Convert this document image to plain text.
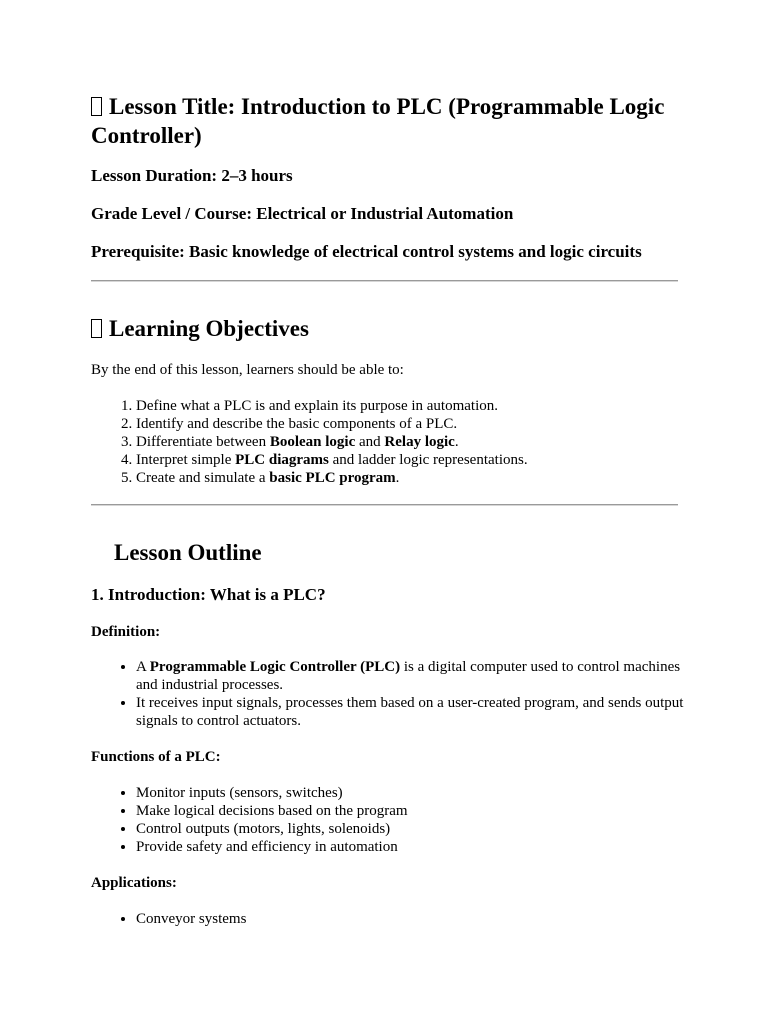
Lesson Title: Introduction to PLC (Programmable Logic Controller)
Lesson Duration: 2–3 hours
Grade Level / Course: Electrical or Industrial Automation
Prerequisite: Basic knowledge of electrical control systems and logic circuits
Learning Objectives
By the end of this lesson, learners should be able to:
1. Define what a PLC is and explain its purpose in automation.
2. Identify and describe the basic components of a PLC.
3. Differentiate between Boolean logic and Relay logic.
4. Interpret simple PLC diagrams and ladder logic representations.
5. Create and simulate a basic PLC program.
Lesson Outline
1. Introduction: What is a PLC?
Definition:
• A Programmable Logic Controller (PLC) is a digital computer used to control machines and industrial processes.
• It receives input signals, processes them based on a user-created program, and sends output signals to control actuators.
Functions of a PLC:
• Monitor inputs (sensors, switches)
• Make logical decisions based on the program
• Control outputs (motors, lights, solenoids)
• Provide safety and efficiency in automation
Applications:
• Conveyor systems
